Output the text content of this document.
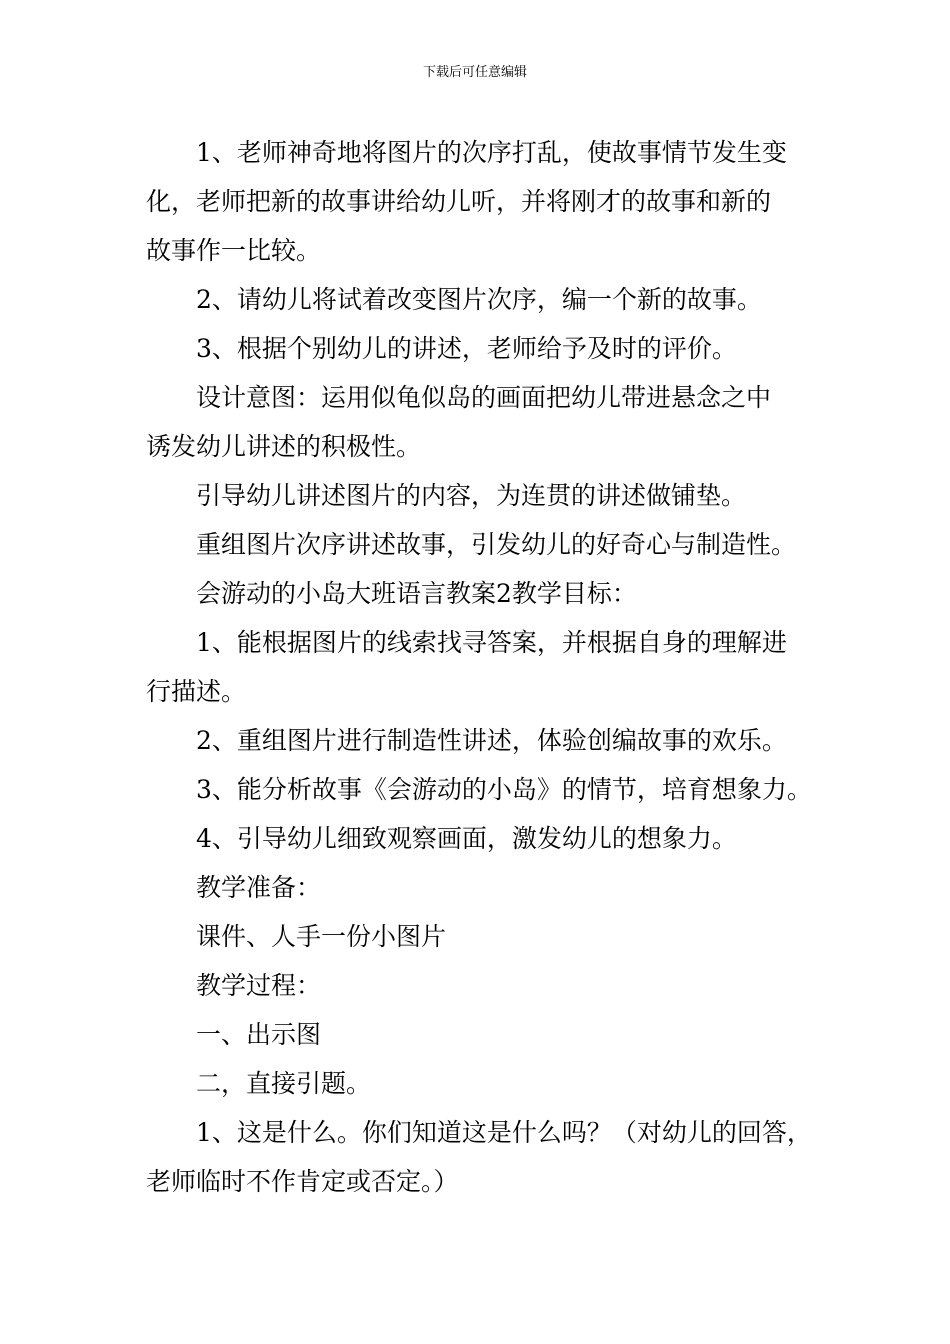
下载后可任意编辑

1、老师神奇地将图片的次序打乱，使故事情节发生变

化，老师把新的故事讲给幼儿听，并将刚才的故事和新的

故事作一比较。

2、请幼儿将试着改变图片次序，编一个新的故事。

3、根据个别幼儿的讲述，老师给予及时的评价。

设计意图：运用似龟似岛的画面把幼儿带进悬念之中

诱发幼儿讲述的积极性。

引导幼儿讲述图片的内容，为连贯的讲述做铺垫。

重组图片次序讲述故事，引发幼儿的好奇心与制造性。

会游动的小岛大班语言教案2教学目标：

1、能根据图片的线索找寻答案，并根据自身的理解进

行描述。

2、重组图片进行制造性讲述，体验创编故事的欢乐。

3、能分析故事《会游动的小岛》的情节，培育想象力。

4、引导幼儿细致观察画面，激发幼儿的想象力。

教学准备：

课件、人手一份小图片

教学过程：

一、出示图

二，直接引题。

1、这是什么。你们知道这是什么吗？（对幼儿的回答，

老师临时不作肯定或否定。）
